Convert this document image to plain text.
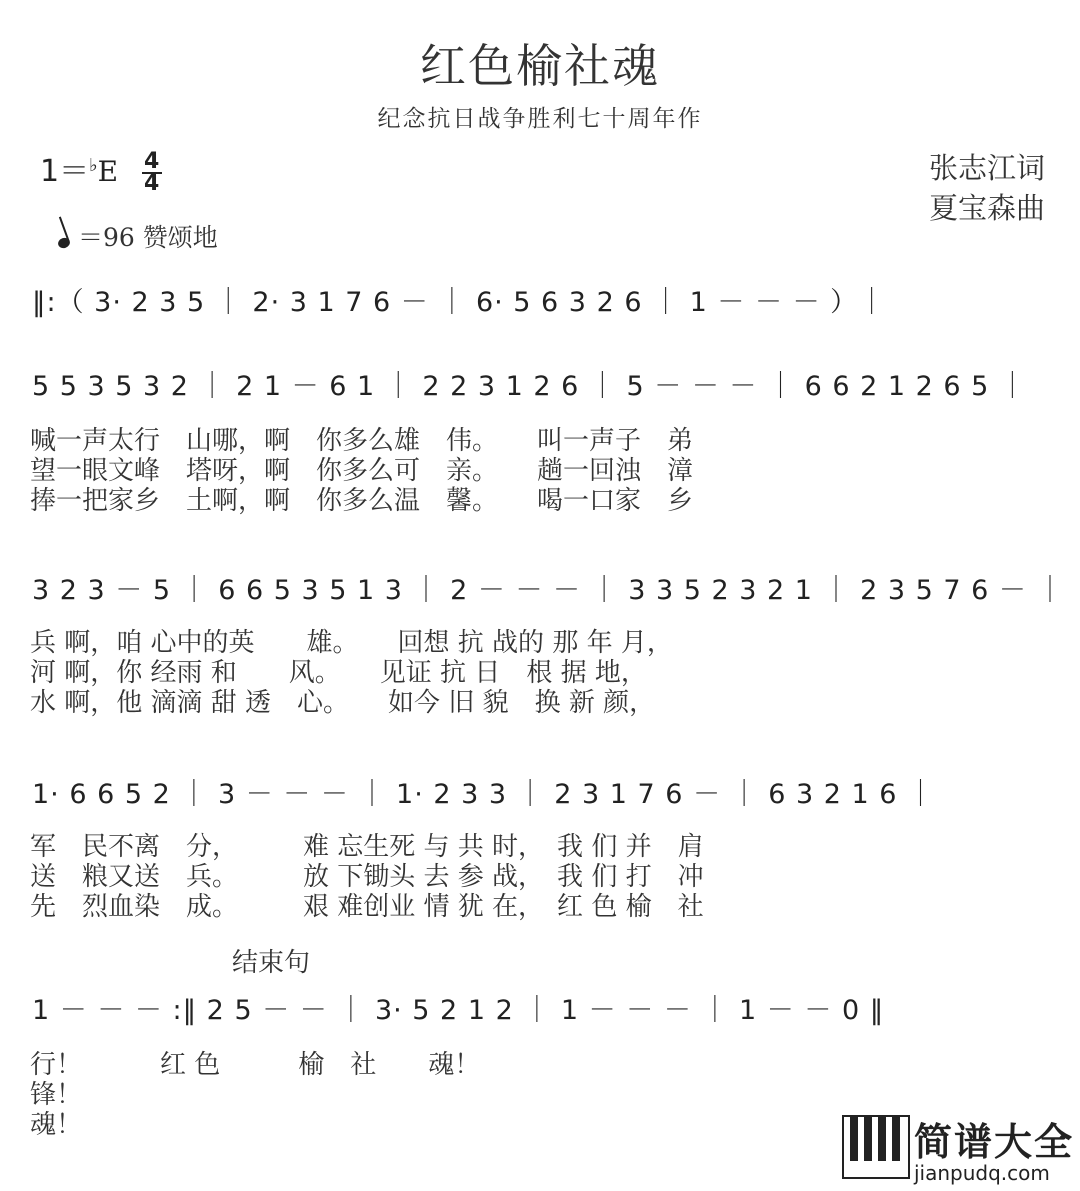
红色榆社魂
纪念抗日战争胜利七十周年作
$1=^♭E \frac{4}{4}$	张志江词
夏宝森曲
＝96 赞颂地
‖:（ 3· 2 3 5 ｜ 2· 3 1 7 6 － ｜ 6· 5 6 3 2 6 ｜ 1 － － － ）｜
5 5 3 5 3 2 ｜ 2 1 － 6 1 ｜ 2 2 3 1 2 6 ｜ 5 － － － ｜ 6 6 2 1 2 6 5 ｜
喊一声太行　山哪，啊　你多么雄　伟。　　叫一声子　弟
望一眼文峰　塔呀，啊　你多么可　亲。　　趟一回浊　漳
捧一把家乡　土啊，啊　你多么温　馨。　　喝一口家　乡
3 2 3 － 5 ｜ 6 6 5 3 5 1 3 ｜ 2 － － － ｜ 3 3 5 2 3 2 1 ｜ 2 3 5 7 6 － ｜
兵 啊，咱 心中的英　　雄。　　回想 抗 战的 那 年 月，
河 啊，你 经雨 和　　风。　　见证 抗 日　根 据 地，
水 啊，他 滴滴 甜 透　心。　　如今 旧 貌　换 新 颜，
1· 6 6 5 2 ｜ 3 － － － ｜ 1· 2 3 3 ｜ 2 3 1 7 6 － ｜ 6 3 2 1 6 ｜
军　民不离　分，　　　难 忘生死 与 共 时，　我 们 并　肩
送　粮又送　兵。　　　放 下锄头 去 参 战，　我 们 打　冲
先　烈血染　成。　　　艰 难创业 情 犹 在，　红 色 榆　社
结束句
1 － － － :‖ 2 5 － － ｜ 3· 5 2 1 2 ｜ 1 － － － ｜ 1 － － 0 ‖
行！　　　红 色　　　榆　社　　魂！
锋！
魂！	简谱大全
jianpudq.com
